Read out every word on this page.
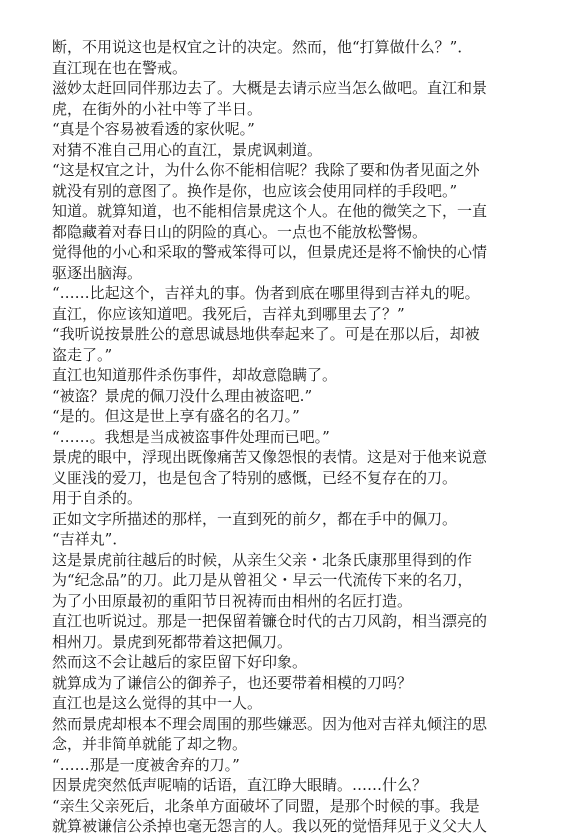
断，不用说这也是权宜之计的决定。然而，他“打算做什么？”．
直江现在也在警戒。
滋妙太赶回同伴那边去了。大概是去请示应当怎么做吧。直江和景
虎，在街外的小社中等了半日。
“真是个容易被看透的家伙呢。”
对猜不准自己用心的直江，景虎讽刺道。
“这是权宜之计，为什么你不能相信呢？我除了要和伪者见面之外
就没有别的意图了。换作是你，也应该会使用同样的手段吧。”
知道。就算知道，也不能相信景虎这个人。在他的微笑之下，一直
都隐藏着对春日山的阴险的真心。一点也不能放松警惕。
觉得他的小心和采取的警戒笨得可以，但景虎还是将不愉快的心情
驱逐出脑海。
“……比起这个，吉祥丸的事。伪者到底在哪里得到吉祥丸的呢。
直江，你应该知道吧。我死后，吉祥丸到哪里去了？”
“我听说按景胜公的意思诚恳地供奉起来了。可是在那以后，却被
盗走了。”
直江也知道那件杀伤事件，却故意隐瞒了。
“被盗？景虎的佩刀没什么理由被盗吧.”
“是的。但这是世上享有盛名的名刀。”
“……。我想是当成被盗事件处理而已吧。”
景虎的眼中，浮现出既像痛苦又像怨恨的表情。这是对于他来说意
义匪浅的爱刀，也是包含了特别的感慨，已经不复存在的刀。
用于自杀的。
正如文字所描述的那样，一直到死的前夕，都在手中的佩刀。
“吉祥丸”．
这是景虎前往越后的时候，从亲生父亲・北条氏康那里得到的作
为“纪念品”的刀。此刀是从曾祖父・早云一代流传下来的名刀，
为了小田原最初的重阳节日祝祷而由相州的名匠打造。
直江也听说过。那是一把保留着镰仓时代的古刀风韵，相当漂亮的
相州刀。景虎到死都带着这把佩刀。
然而这不会让越后的家臣留下好印象。
就算成为了谦信公的御养子，也还要带着相模的刀吗？
直江也是这么觉得的其中一人。
然而景虎却根本不理会周围的那些嫌恶。因为他对吉祥丸倾注的思
念，并非简单就能了却之物。
“……那是一度被舍弃的刀。”
因景虎突然低声呢喃的话语，直江睁大眼睛。……什么？
“亲生父亲死后，北条单方面破坏了同盟，是那个时候的事。我是
就算被谦信公杀掉也毫无怨言的人。我以死的觉悟拜见于义父大人
